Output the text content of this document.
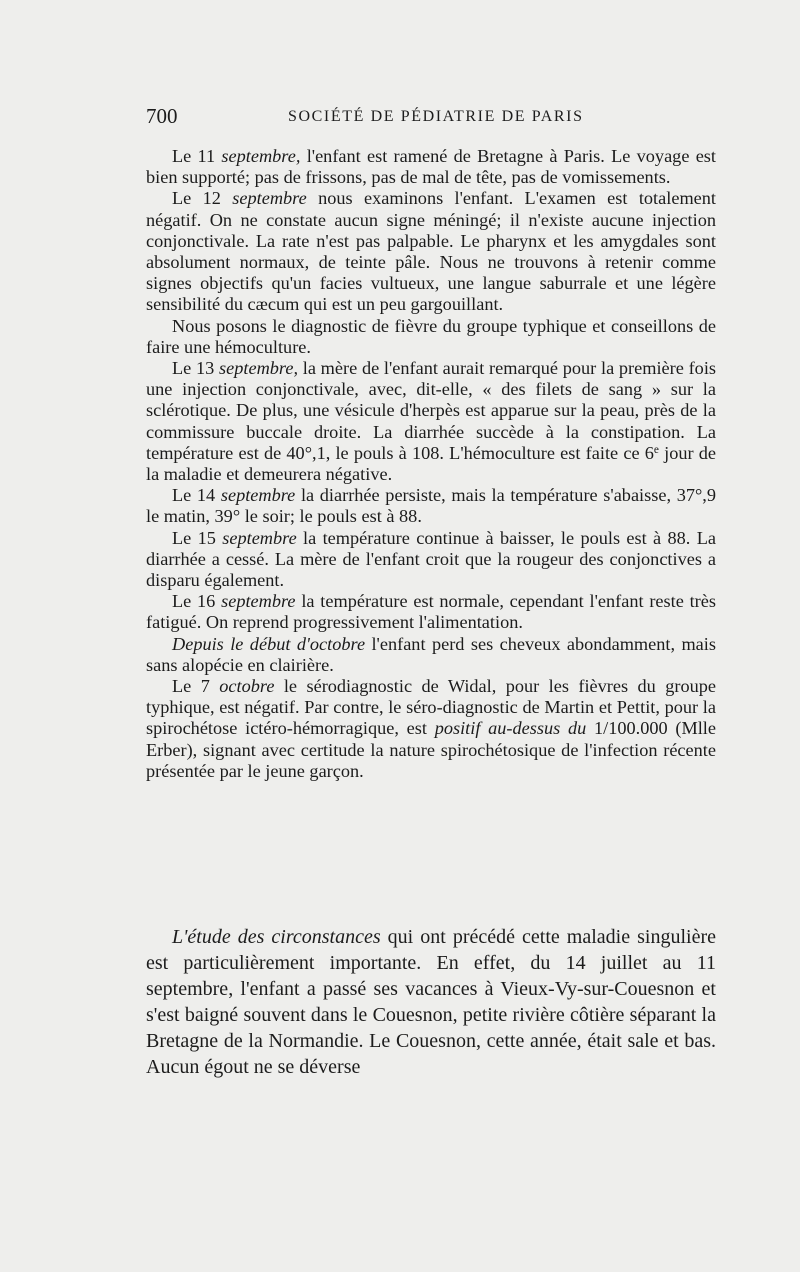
700	SOCIÉTÉ DE PÉDIATRIE DE PARIS

Le 11 septembre, l'enfant est ramené de Bretagne à Paris. Le voyage est bien supporté; pas de frissons, pas de mal de tête, pas de vomissements.

Le 12 septembre nous examinons l'enfant. L'examen est totalement négatif. On ne constate aucun signe méningé; il n'existe aucune injection conjonctivale. La rate n'est pas palpable. Le pharynx et les amygdales sont absolument normaux, de teinte pâle. Nous ne trouvons à retenir comme signes objectifs qu'un facies vultueux, une langue saburrale et une légère sensibilité du cæcum qui est un peu gargouillant.

Nous posons le diagnostic de fièvre du groupe typhique et conseillons de faire une hémoculture.

Le 13 septembre, la mère de l'enfant aurait remarqué pour la première fois une injection conjonctivale, avec, dit-elle, « des filets de sang » sur la sclérotique. De plus, une vésicule d'herpès est apparue sur la peau, près de la commissure buccale droite. La diarrhée succède à la constipation. La température est de 40°,1, le pouls à 108. L'hémoculture est faite ce 6e jour de la maladie et demeurera négative.

Le 14 septembre la diarrhée persiste, mais la température s'abaisse, 37°,9 le matin, 39° le soir; le pouls est à 88.

Le 15 septembre la température continue à baisser, le pouls est à 88. La diarrhée a cessé. La mère de l'enfant croit que la rougeur des conjonctives a disparu également.

Le 16 septembre la température est normale, cependant l'enfant reste très fatigué. On reprend progressivement l'alimentation.

Depuis le début d'octobre l'enfant perd ses cheveux abondamment, mais sans alopécie en clairière.

Le 7 octobre le sérodiagnostic de Widal, pour les fièvres du groupe typhique, est négatif. Par contre, le séro-diagnostic de Martin et Pettit, pour la spirochétose ictéro-hémorragique, est positif au-dessus du 1/100.000 (Mlle Erber), signant avec certitude la nature spirochétosique de l'infection récente présentée par le jeune garçon.

L'étude des circonstances qui ont précédé cette maladie singulière est particulièrement importante. En effet, du 14 juillet au 11 septembre, l'enfant a passé ses vacances à Vieux-Vy-sur-Couesnon et s'est baigné souvent dans le Couesnon, petite rivière côtière séparant la Bretagne de la Normandie. Le Couesnon, cette année, était sale et bas. Aucun égout ne se déverse
